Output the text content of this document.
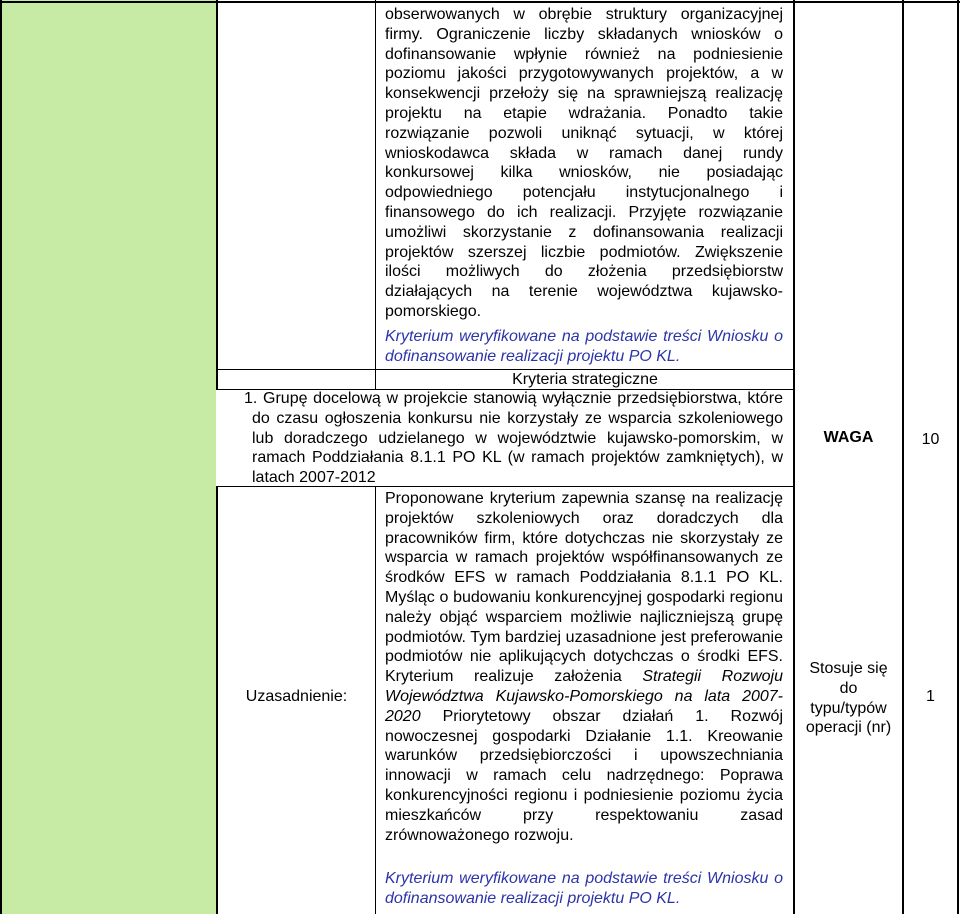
obserwowanych w obrębie struktury organizacyjnej firmy. Ograniczenie liczby składanych wniosków o dofinansowanie wpłynie również na podniesienie poziomu jakości przygotowywanych projektów, a w konsekwencji przełoży się na sprawniejszą realizację projektu na etapie wdrażania. Ponadto takie rozwiązanie pozwoli uniknąć sytuacji, w której wnioskodawca składa w ramach danej rundy konkursowej kilka wniosków, nie posiadając odpowiedniego potencjału instytucjonalnego i finansowego do ich realizacji. Przyjęte rozwiązanie umożliwi skorzystanie z dofinansowania realizacji projektów szerszej liczbie podmiotów. Zwiększenie ilości możliwych do złożenia przedsiębiorstw działających na terenie województwa kujawsko-pomorskiego.

Kryterium weryfikowane na podstawie treści Wniosku o dofinansowanie realizacji projektu PO KL.

Kryteria strategiczne

1. Grupę docelową w projekcie stanowią wyłącznie przedsiębiorstwa, które do czasu ogłoszenia konkursu nie korzystały ze wsparcia szkoleniowego lub doradczego udzielanego w województwie kujawsko-pomorskim, w ramach Poddziałania 8.1.1 PO KL (w ramach projektów zamkniętych), w latach 2007-2012

WAGA	10
Uzasadnienie:

Proponowane kryterium zapewnia szansę na realizację projektów szkoleniowych oraz doradczych dla pracowników firm, które dotychczas nie skorzystały ze wsparcia w ramach projektów współfinansowanych ze środków EFS w ramach Poddziałania 8.1.1 PO KL. Myśląc o budowaniu konkurencyjnej gospodarki regionu należy objąć wsparciem możliwie najliczniejszą grupę podmiotów. Tym bardziej uzasadnione jest preferowanie podmiotów nie aplikujących dotychczas o środki EFS. Kryterium realizuje założenia Strategii Rozwoju Województwa Kujawsko-Pomorskiego na lata 2007-2020 Priorytetowy obszar działań 1. Rozwój nowoczesnej gospodarki Działanie 1.1. Kreowanie warunków przedsiębiorczości i upowszechniania innowacji w ramach celu nadrzędnego: Poprawa konkurencyjności regionu i podniesienie poziomu życia mieszkańców przy respektowaniu zasad zrównoważonego rozwoju.

Kryterium weryfikowane na podstawie treści Wniosku o dofinansowanie realizacji projektu PO KL.

Stosuje się do typu/typów operacji (nr)
1
